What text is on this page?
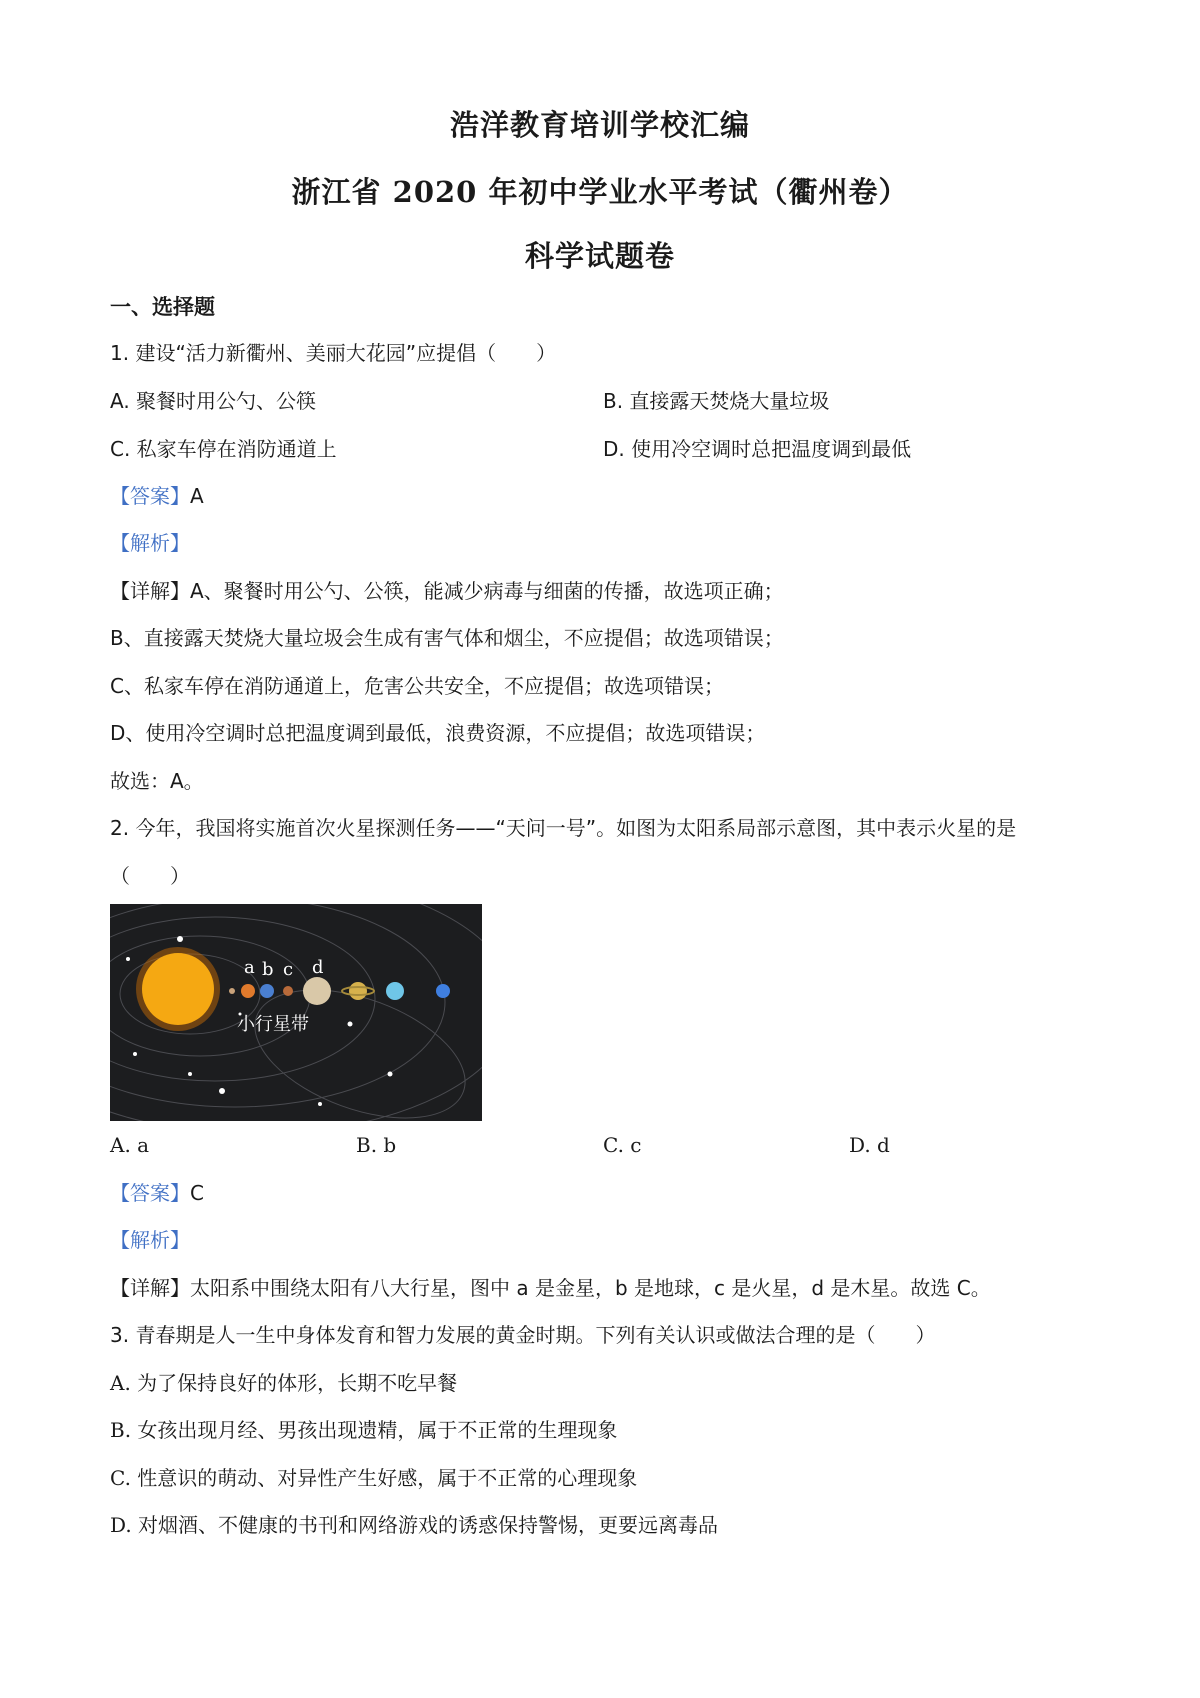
浩洋教育培训学校汇编
浙江省 2020 年初中学业水平考试（衢州卷）
科学试题卷
一、选择题
1. 建设“活力新衢州、美丽大花园”应提倡（　　）
A. 聚餐时用公勺、公筷	B. 直接露天焚烧大量垃圾
C. 私家车停在消防通道上	D. 使用冷空调时总把温度调到最低
【答案】A
【解析】
【详解】A、聚餐时用公勺、公筷，能减少病毒与细菌的传播，故选项正确；
B、直接露天焚烧大量垃圾会生成有害气体和烟尘，不应提倡；故选项错误；
C、私家车停在消防通道上，危害公共安全，不应提倡；故选项错误；
D、使用冷空调时总把温度调到最低，浪费资源，不应提倡；故选项错误；
故选：A。
2. 今年，我国将实施首次火星探测任务——“天问一号”。如图为太阳系局部示意图，其中表示火星的是
（　　）
a b c d
小行星带
A. a	B. b	C. c	D. d
【答案】C
【解析】
【详解】太阳系中围绕太阳有八大行星，图中 a 是金星，b 是地球，c 是火星，d 是木星。故选 C。
3. 青春期是人一生中身体发育和智力发展的黄金时期。下列有关认识或做法合理的是（　　）
A. 为了保持良好的体形，长期不吃早餐
B. 女孩出现月经、男孩出现遗精，属于不正常的生理现象
C. 性意识的萌动、对异性产生好感，属于不正常的心理现象
D. 对烟酒、不健康的书刊和网络游戏的诱惑保持警惕，更要远离毒品
